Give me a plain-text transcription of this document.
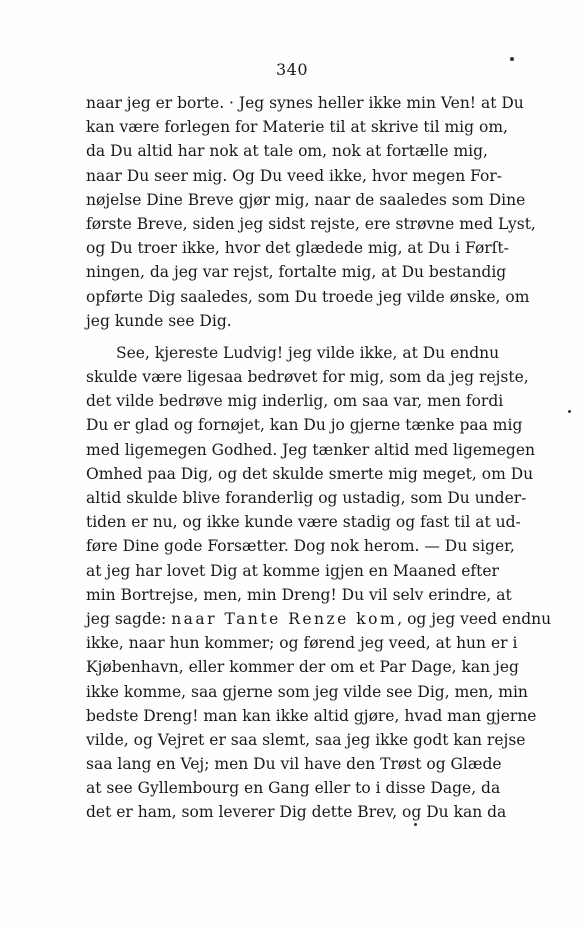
340
naar jeg er borte. · Jeg synes heller ikke min Ven! at Du
kan være forlegen for Materie til at skrive til mig om,
da Du altid har nok at tale om, nok at fortælle mig,
naar Du seer mig. Og Du veed ikke, hvor megen For-
nøjelse Dine Breve gjør mig, naar de saaledes som Dine
første Breve, siden jeg sidst rejste, ere strøvne med Lyst,
og Du troer ikke, hvor det glædede mig, at Du i Førſt-
ningen, da jeg var rejst, fortalte mig, at Du bestandig
opførte Dig saaledes, som Du troede jeg vilde ønske, om
jeg kunde see Dig.
See, kjereste Ludvig! jeg vilde ikke, at Du endnu
skulde være ligesaa bedrøvet for mig, som da jeg rejste,
det vilde bedrøve mig inderlig, om saa var, men fordi
Du er glad og fornøjet, kan Du jo gjerne tænke paa mig
med ligemegen Godhed. Jeg tænker altid med ligemegen
Omhed paa Dig, og det skulde smerte mig meget, om Du
altid skulde blive foranderlig og ustadig, som Du under-
tiden er nu, og ikke kunde være stadig og fast til at ud-
føre Dine gode Forsætter. Dog nok herom. — Du siger,
at jeg har lovet Dig at komme igjen en Maaned efter
min Bortrejse, men, min Dreng! Du vil selv erindre, at
jeg sagde: naar Tante Renze kom, og jeg veed endnu
ikke, naar hun kommer; og førend jeg veed, at hun er i
Kjøbenhavn, eller kommer der om et Par Dage, kan jeg
ikke komme, saa gjerne som jeg vilde see Dig, men, min
bedste Dreng! man kan ikke altid gjøre, hvad man gjerne
vilde, og Vejret er saa slemt, saa jeg ikke godt kan rejse
saa lang en Vej; men Du vil have den Trøst og Glæde
at see Gyllembourg en Gang eller to i disse Dage, da
det er ham, som leverer Dig dette Brev, og Du kan da
